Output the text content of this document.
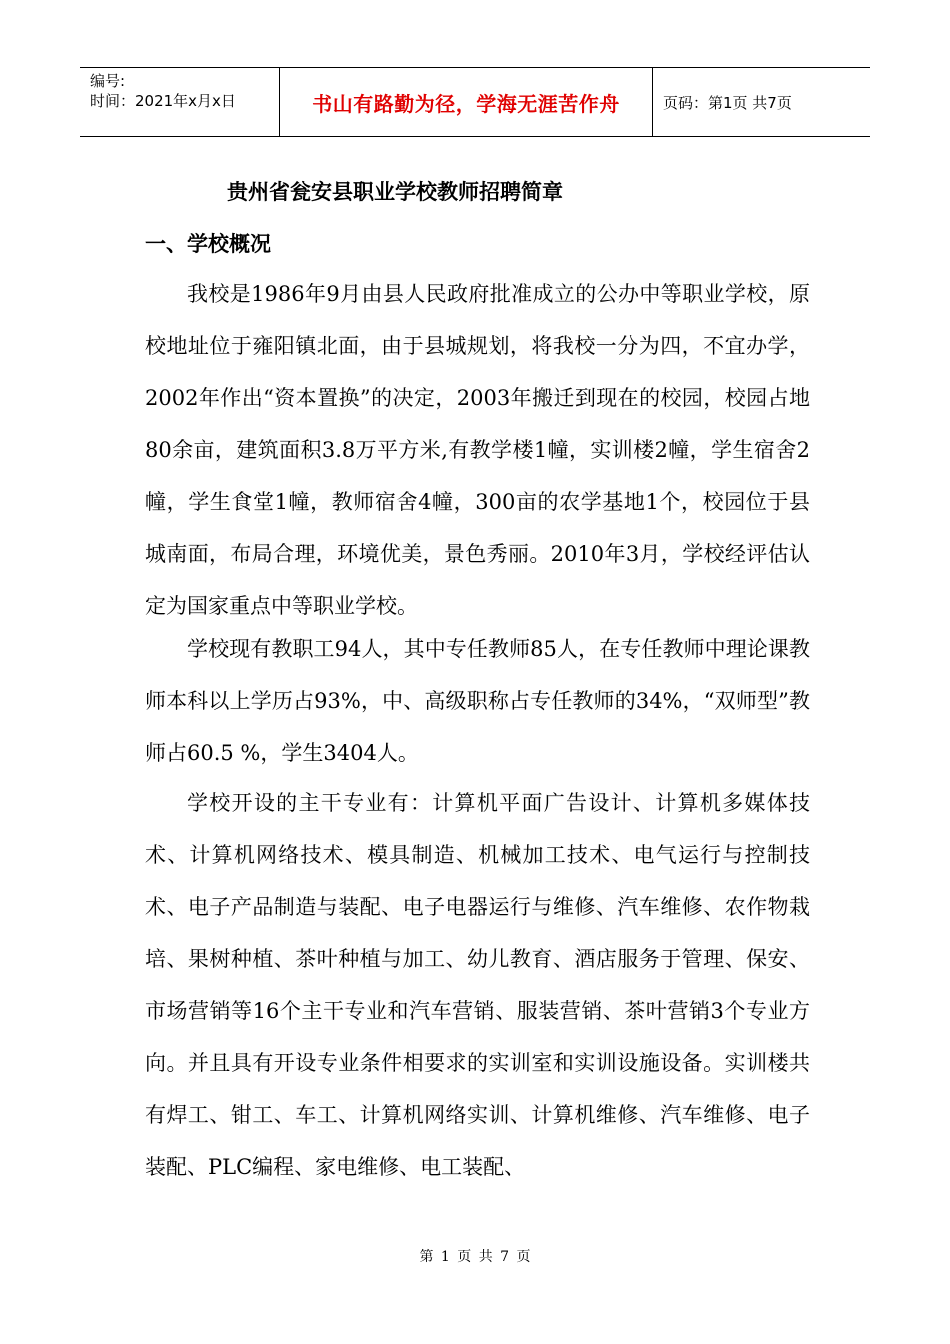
编号:
时间：2021年x月x日	书山有路勤为径，学海无涯苦作舟	页码：第1页 共7页
贵州省瓮安县职业学校教师招聘简章
一、学校概况

我校是1986年9月由县人民政府批准成立的公办中等职业学校，原校地址位于雍阳镇北面，由于县城规划，将我校一分为四，不宜办学，2002年作出“资本置换”的决定，2003年搬迁到现在的校园，校园占地80余亩，建筑面积3.8万平方米,有教学楼1幢，实训楼2幢，学生宿舍2幢，学生食堂1幢，教师宿舍4幢，300亩的农学基地1个，校园位于县城南面，布局合理，环境优美，景色秀丽。2010年3月，学校经评估认定为国家重点中等职业学校。

学校现有教职工94人，其中专任教师85人，在专任教师中理论课教师本科以上学历占93%，中、高级职称占专任教师的34%，“双师型”教师占60.5 %，学生3404人。

学校开设的主干专业有：计算机平面广告设计、计算机多媒体技术、计算机网络技术、模具制造、机械加工技术、电气运行与控制技术、电子产品制造与装配、电子电器运行与维修、汽车维修、农作物栽培、果树种植、茶叶种植与加工、幼儿教育、酒店服务于管理、保安、市场营销等16个主干专业和汽车营销、服装营销、茶叶营销3个专业方向。并且具有开设专业条件相要求的实训室和实训设施设备。实训楼共有焊工、钳工、车工、计算机网络实训、计算机维修、汽车维修、电子装配、PLC编程、家电维修、电工装配、

第 1 页 共 7 页
